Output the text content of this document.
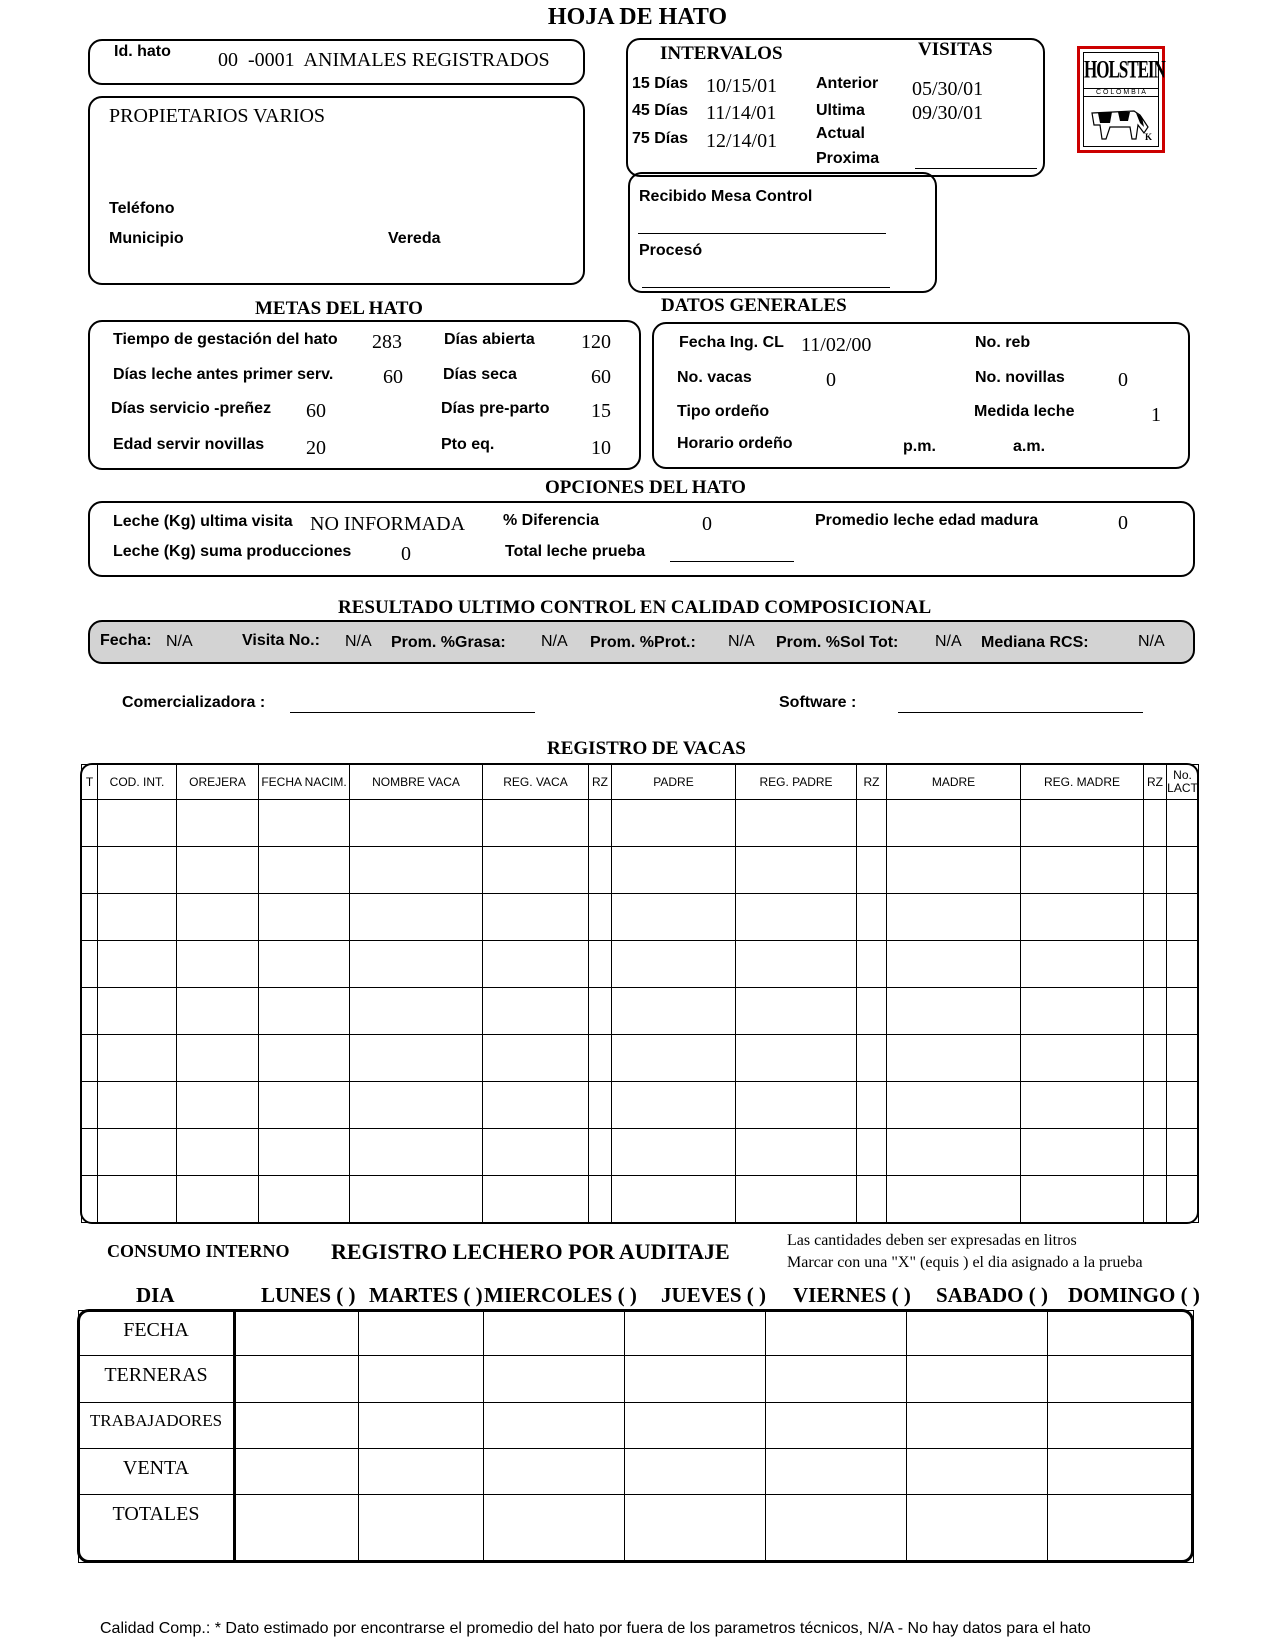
HOJA DE HATO
Id. hato 00  -0001  ANIMALES REGISTRADOS
PROPIETARIOS VARIOS
Teléfono
Municipio	Vereda
INTERVALOS	VISITAS
15 Días 10/15/01
45 Días 11/14/01
75 Días 12/14/01
Anterior 05/30/01
Ultima 09/30/01
Actual
Proxima
HOLSTEIN
C O L O M B I A
K
Recibido Mesa Control
Procesó
METAS DEL HATO
Tiempo de gestación del hato 283	Días abierta 120
Días leche antes primer serv. 60	Días seca	60
Días servicio -preñez 60	Días pre-parto 15
Edad servir novillas 20	Pto eq.	10
DATOS GENERALES
Fecha Ing. CL 11/02/00	No. reb
No. vacas	0	No. novillas	0
Tipo ordeño	Medida leche	1
Horario ordeño	p.m.	a.m.
OPCIONES DEL HATO
Leche (Kg) ultima visita NO INFORMADA % Diferencia	0	Promedio leche edad madura	0
Leche (Kg) suma producciones 0	Total leche prueba
RESULTADO ULTIMO CONTROL EN CALIDAD COMPOSICIONAL
Fecha: N/A	Visita No.: N/A Prom. %Grasa: N/A Prom. %Prot.: N/A Prom. %Sol Tot: N/A Mediana RCS:	N/A
Comercializadora :	Software :
REGISTRO DE VACAS
T	COD. INT.	OREJERA	FECHA NACIM.	NOMBRE VACA	REG. VACA	RZ	PADRE	REG. PADRE	RZ	MADRE	REG. MADRE	RZ	No. LACT

CONSUMO INTERNO REGISTRO LECHERO POR AUDITAJE	Las cantidades deben ser expresadas en litros
Marcar con una "X" (equis ) el dia asignado a la prueba
DIA	LUNES ( ) MARTES ( ) MIERCOLES ( ) JUEVES ( ) VIERNES ( ) SABADO ( ) DOMINGO ( )
FECHA							
TERNERAS							
TRABAJADORES							
VENTA							
TOTALES							
Calidad Comp.: * Dato estimado por encontrarse el promedio del hato por fuera de los parametros técnicos, N/A - No hay datos para el hato
